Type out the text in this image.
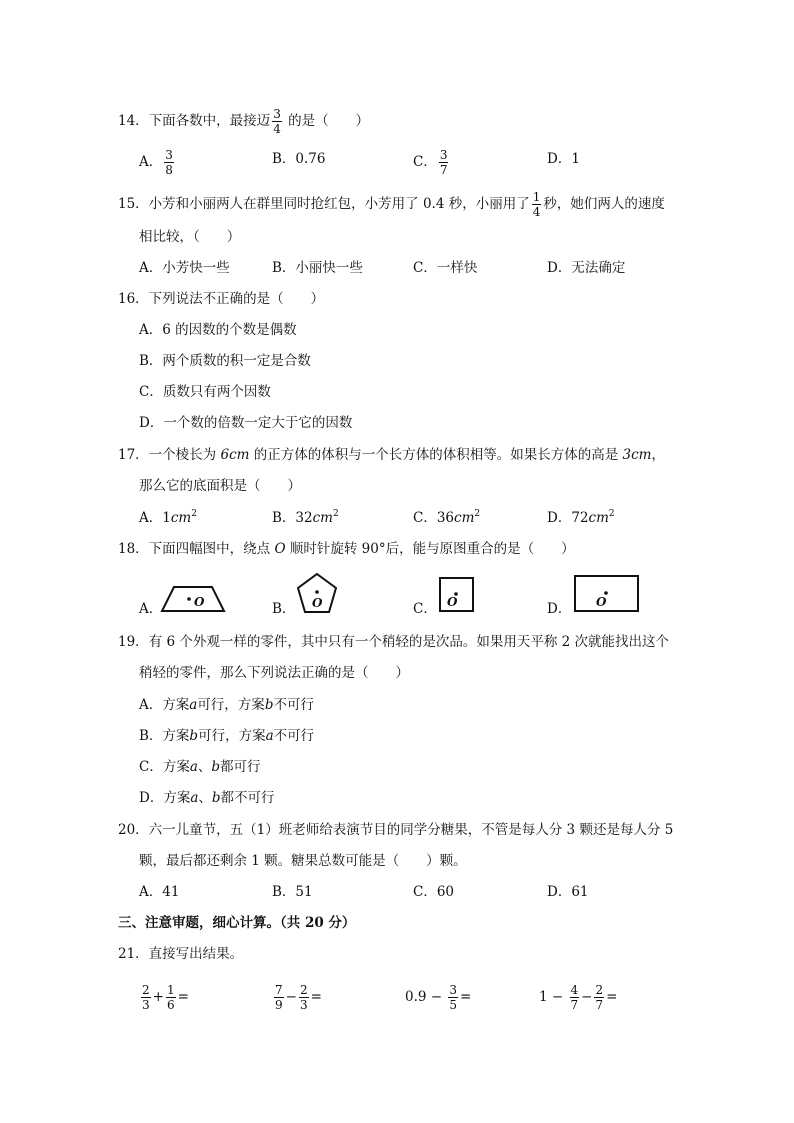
14．下面各数中，最接迈 $\frac{3}{4}$ 的是（　　）
A． $\frac{3}{8}$	B．0.76	C． $\frac{3}{7}$	D．1
15．小芳和小丽两人在群里同时抢红包，小芳用了 0.4 秒，小丽用了 $\frac{1}{4}$ 秒，她们两人的速度
相比较，（　　）
A．小芳快一些	B．小丽快一些	C．一样快	D．无法确定
16．下列说法不正确的是（　　）
A．6 的因数的个数是偶数
B．两个质数的积一定是合数
C．质数只有两个因数
D．一个数的倍数一定大于它的因数
17．一个棱长为 6cm 的正方体的体积与一个长方体的体积相等。如果长方体的高是 3cm，
那么它的底面积是（　　）
A．$1cm^2$	B．$32cm^2$	C．$36cm^2$	D．$72cm^2$
18．下面四幅图中，绕点 O 顺时针旋转 90°后，能与原图重合的是（　　）
A．	B．	C．	D．
O	O	O	O
19．有 6 个外观一样的零件，其中只有一个稍轻的是次品。如果用天平称 2 次就能找出这个
稍轻的零件，那么下列说法正确的是（　　）
A．方案a可行，方案b不可行
B．方案b可行，方案a不可行
C．方案a、b都可行
D．方案a、b都不可行
20．六一儿童节，五（1）班老师给表演节目的同学分糖果，不管是每人分 3 颗还是每人分 5
颗，最后都还剩余 1 颗。糖果总数可能是（　　）颗。
A．41	B．51	C．60	D．61
三、注意审题，细心计算。（共 20 分）
21．直接写出结果。
$\frac{2}{3} + \frac{1}{6}$ =	$\frac{7}{9} - \frac{2}{3}$ =	$0.9 - \frac{3}{5}$ =	$1 - \frac{4}{7} - \frac{2}{7}$ =
